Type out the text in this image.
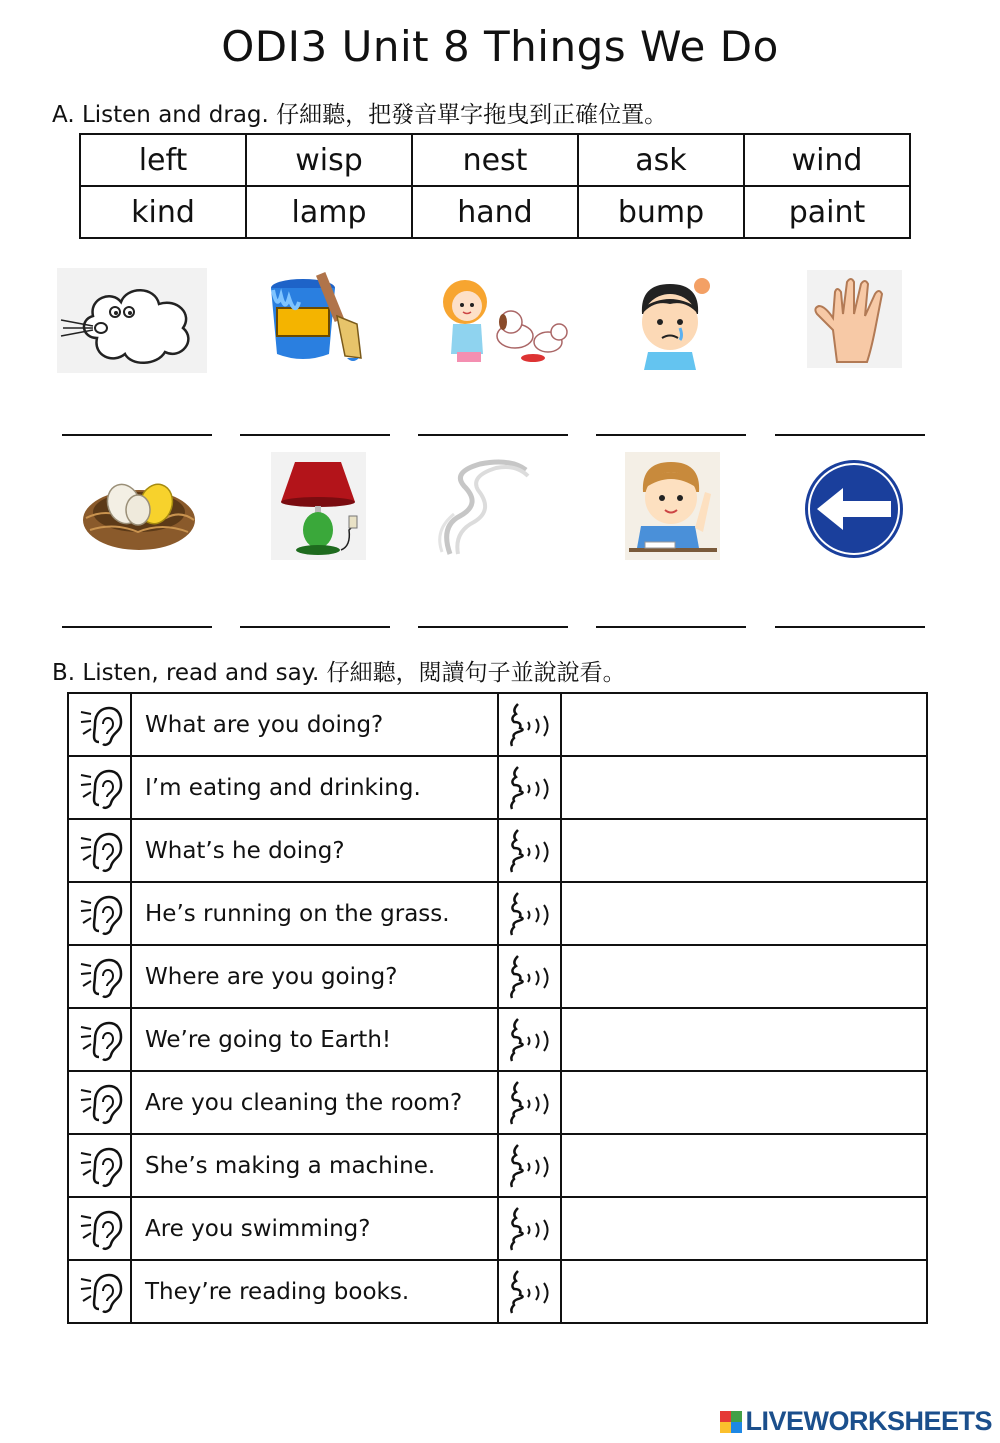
ODI3 Unit 8 Things We Do
A. Listen and drag. 仔細聽，把發音單字拖曳到正確位置。
left	wisp	nest	ask	wind
kind	lamp	hand	bump	paint
B. Listen, read and say. 仔細聽，閱讀句子並說說看。
	What are you doing?	

	I’m eating and drinking.	

	What’s he doing?	

	He’s running on the grass.	

	Where are you going?	

	We’re going to Earth!	

	Are you cleaning the room?	

	She’s making a machine.	

	Are you swimming?	

	They’re reading books.	

LIVEWORKSHEETS
